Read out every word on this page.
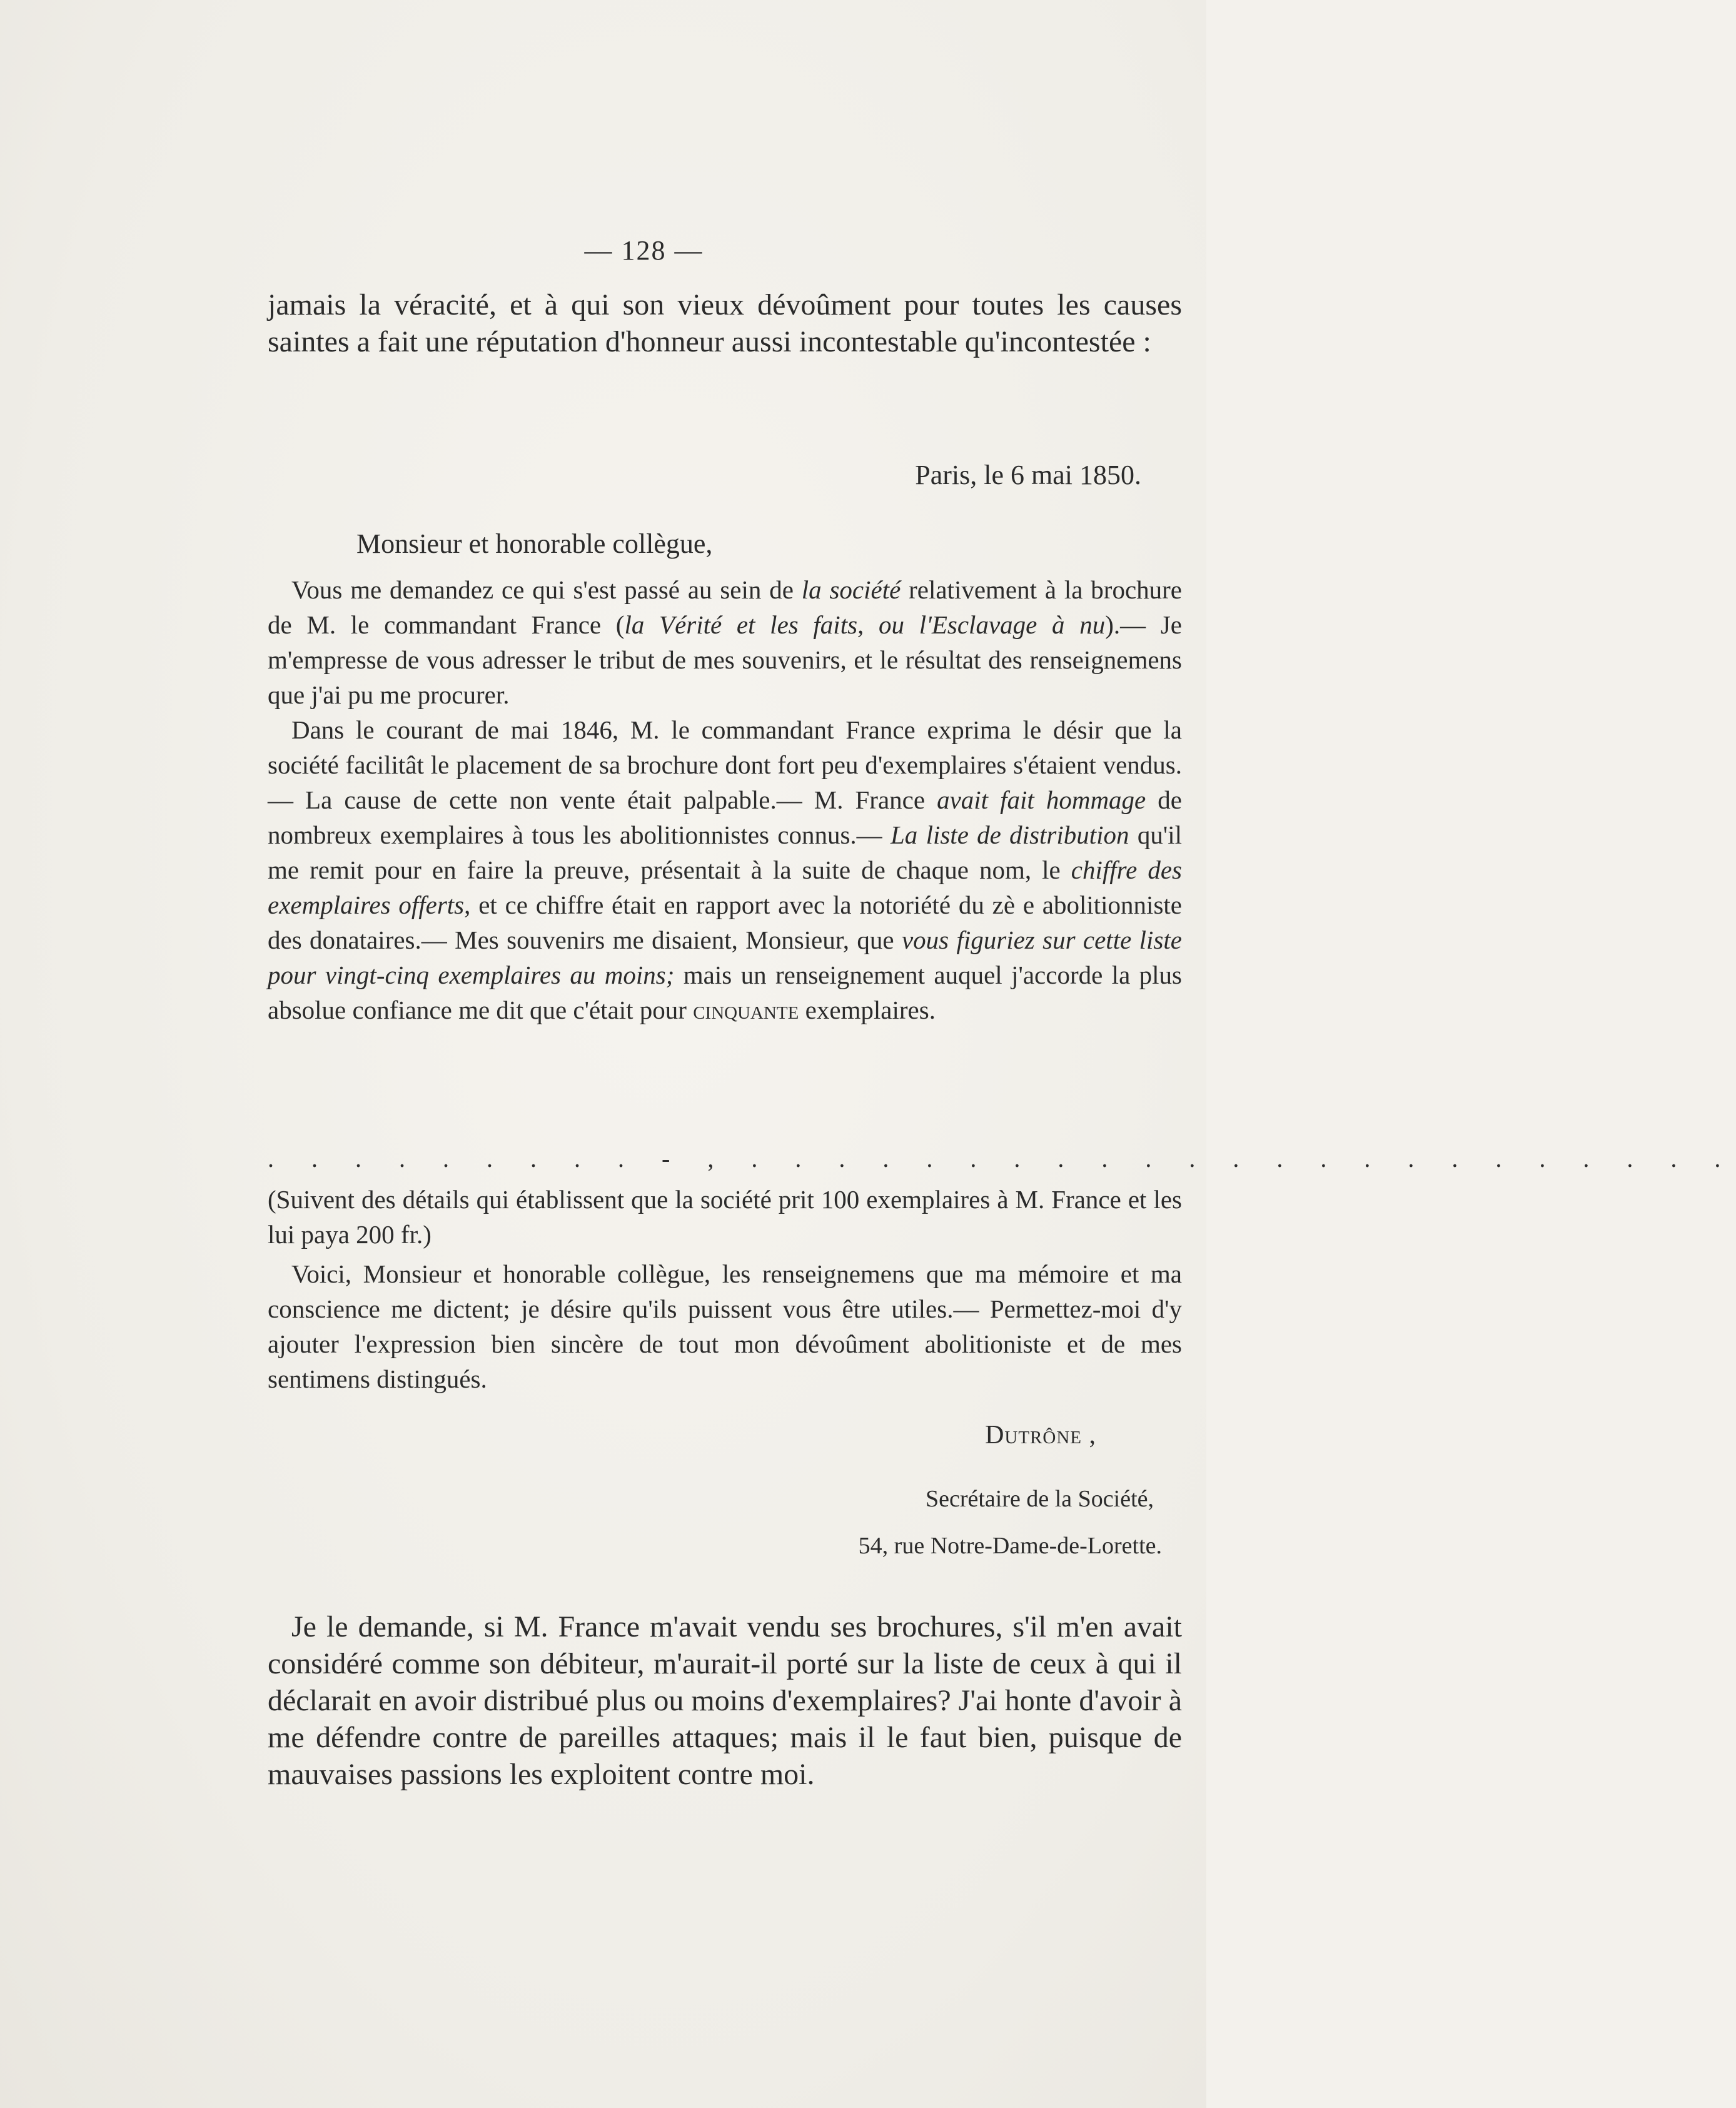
— 128 —

jamais la véracité, et à qui son vieux dévoûment pour toutes les causes saintes a fait une réputation d'honneur aussi incontestable qu'incontestée :

Paris, le 6 mai 1850.
Monsieur et honorable collègue,

Vous me demandez ce qui s'est passé au sein de la société relativement à la brochure de M. le commandant France (la Vérité et les faits, ou l'Esclavage à nu).— Je m'empresse de vous adresser le tribut de mes souvenirs, et le résultat des renseignemens que j'ai pu me procurer.

Dans le courant de mai 1846, M. le commandant France exprima le désir que la société facilitât le placement de sa brochure dont fort peu d'exemplaires s'étaient vendus. — La cause de cette non vente était palpable.— M. France avait fait hommage de nombreux exemplaires à tous les abolitionnistes connus.— La liste de distribution qu'il me remit pour en faire la preuve, présentait à la suite de chaque nom, le chiffre des exemplaires offerts, et ce chiffre était en rapport avec la notoriété du zè e abolitionniste des donataires.— Mes souvenirs me disaient, Monsieur, que vous figuriez sur cette liste pour vingt-cinq exemplaires au moins; mais un renseignement auquel j'accorde la plus absolue confiance me dit que c'était pour cinquante exemplaires.

. . . . . . . . . - , . . . . . . . . . . . . . . . . . . . . . . .

(Suivent des détails qui établissent que la société prit 100 exemplaires à M. France et les lui paya 200 fr.)

Voici, Monsieur et honorable collègue, les renseignemens que ma mémoire et ma conscience me dictent; je désire qu'ils puissent vous être utiles.— Permettez-moi d'y ajouter l'expression bien sincère de tout mon dévoûment abolitioniste et de mes sentimens distingués.

Dutrône ,
Secrétaire de la Société,
54, rue Notre-Dame-de-Lorette.

Je le demande, si M. France m'avait vendu ses brochures, s'il m'en avait considéré comme son débiteur, m'aurait-il porté sur la liste de ceux à qui il déclarait en avoir distribué plus ou moins d'exemplaires? J'ai honte d'avoir à me défendre contre de pareilles attaques; mais il le faut bien, puisque de mauvaises passions les exploitent contre moi.
